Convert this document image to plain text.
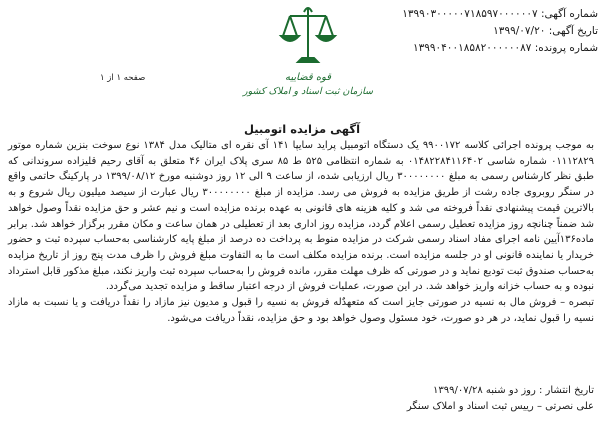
شماره آگهی: ۱۳۹۹۰۳۰۰۰۰۰۷۱۸۵۹۷۰۰۰۰۰۰۷
تاریخ آگهی: ۱۳۹۹/۰۷/۲۰
شماره پرونده: ۱۳۹۹۰۴۰۰۱۸۵۸۲۰۰۰۰۰۰۸۷
قوه قضاییه
سازمان ثبت اسناد و املاک کشور
صفحه ۱ از ۱
آگهی مزایده اتومبیل

به موجب پرونده اجرائی کلاسه ۹۹۰۰۱۷۲ یک دستگاه اتومبیل پراید سایپا ۱۴۱ آی نقره ای متالیک مدل ۱۳۸۴ نوع سوخت بنزین شماره موتور ۰۱۱۱۲۸۲۹ شماره شاسی ۰۱۴۸۲۲۸۴۱۱۶۴۰۲ به شماره انتظامی ۵۲۵ ط ۸۵ سری پلاک ایران ۴۶ متعلق به آقای رحیم قلیزاده سروندانی که طبق نظر کارشناس رسمی به مبلغ ۳۰۰۰۰۰۰۰۰ ریال ارزیابی شده، از ساعت ۹ الی ۱۲ روز دوشنبه مورخ ۱۳۹۹/۰۸/۱۲ در پارکینگ حاتمی واقع در سنگر روبروی جاده رشت از طریق مزایده به فروش می رسد. مزایده از مبلغ ۳۰۰۰۰۰۰۰۰ ریال عبارت از سیصد میلیون ریال شروع و به بالاترین قیمت پیشنهادی نقداً فروخته می شد و کلیه هزینه های قانونی به عهده برنده مزایده است و نیم عشر و حق مزایده نقداً وصول خواهد شد ضمناً چنانچه روز مزایده تعطیل رسمی اعلام گردد، مزایده روز اداری بعد از تعطیلی در همان ساعت و مکان مقرر برگزار خواهد شد. برابر ماده۱۳۶آیین نامه اجرای مفاد اسناد رسمی شرکت در مزایده منوط به پرداخت ده درصد از مبلغ پایه کارشناسی به‌حساب سپرده ثبت و حضور خریدار یا نماینده قانونی او در جلسه مزایده است. برنده مزایده مکلف است ما به التفاوت مبلغ فروش را ظرف مدت پنج روز از تاریخ مزایده به‌حساب صندوق ثبت تودیع نماید و در صورتی که ظرف مهلت مقرر، مانده فروش را به‌حساب سپرده ثبت واریز نکند، مبلغ مذکور قابل استرداد نبوده و به حساب خزانه واریز خواهد شد. در این صورت، عملیات فروش از درجه اعتبار ساقط و مزایده تجدید می‌گردد.

تبصره – فروش مال به نسیه در صورتی جایز است که متعهدٌله فروش به نسیه را قبول و مدیون نیز مازاد را نقداً دریافت و یا نسبت به مازاد نسیه را قبول نماید، در هر دو صورت، خود مسئول وصول خواهد بود و حق مزایده، نقداً دریافت می‌شود.

تاریخ انتشار : روز دو شنبه ۱۳۹۹/۰۷/۲۸
علی نصرتی – رییس ثبت اسناد و املاک سنگر
